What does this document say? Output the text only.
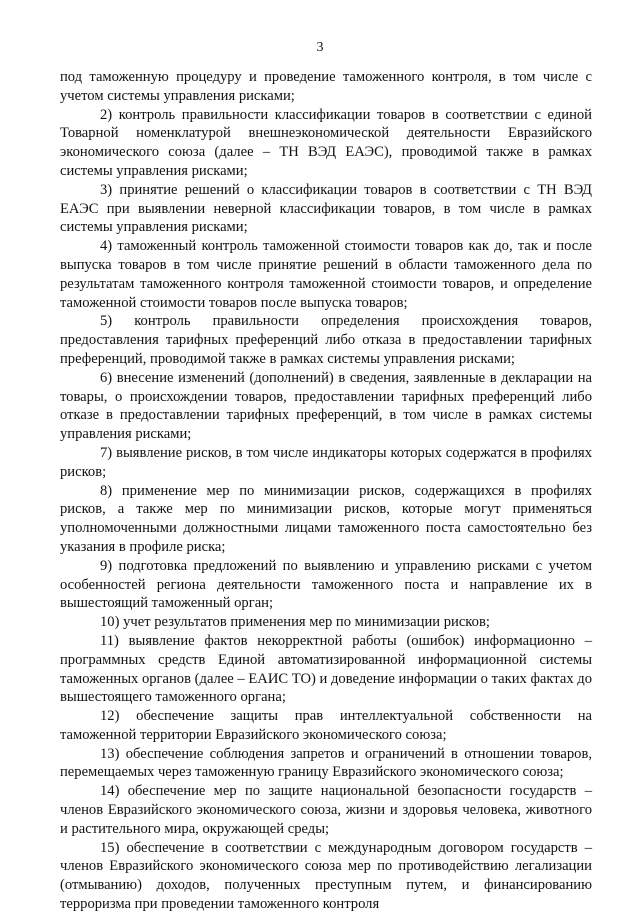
3

под таможенную процедуру и проведение таможенного контроля, в том числе с учетом системы управления рисками;

2) контроль правильности классификации товаров в соответствии с единой Товарной номенклатурой внешнеэкономической деятельности Евразийского экономического союза (далее – ТН ВЭД ЕАЭС), проводимой также в рамках системы управления рисками;

3) принятие решений о классификации товаров в соответствии с ТН ВЭД ЕАЭС при выявлении неверной классификации товаров, в том числе в рамках системы управления рисками;

4) таможенный контроль таможенной стоимости товаров как до, так и после выпуска товаров в том числе принятие решений в области таможенного дела по результатам таможенного контроля таможенной стоимости товаров, и определение таможенной стоимости товаров после выпуска товаров;

5) контроль правильности определения происхождения товаров, предоставления тарифных преференций либо отказа в предоставлении тарифных преференций, проводимой также в рамках системы управления рисками;

6) внесение изменений (дополнений) в сведения, заявленные в декларации на товары, о происхождении товаров, предоставлении тарифных преференций либо отказе в предоставлении тарифных преференций, в том числе в рамках системы управления рисками;

7) выявление рисков, в том числе индикаторы которых содержатся в профилях рисков;

8) применение мер по минимизации рисков, содержащихся в профилях рисков, а также мер по минимизации рисков, которые могут применяться уполномоченными должностными лицами таможенного поста самостоятельно без указания в профиле риска;

9) подготовка предложений по выявлению и управлению рисками с учетом особенностей региона деятельности таможенного поста и направление их в вышестоящий таможенный орган;

10) учет результатов применения мер по минимизации рисков;

11) выявление фактов некорректной работы (ошибок) информационно – программных средств Единой автоматизированной информационной системы таможенных органов (далее – ЕАИС ТО) и доведение информации о таких фактах до вышестоящего таможенного органа;

12) обеспечение защиты прав интеллектуальной собственности на таможенной территории Евразийского экономического союза;

13) обеспечение соблюдения запретов и ограничений в отношении товаров, перемещаемых через таможенную границу Евразийского экономического союза;

14) обеспечение мер по защите национальной безопасности государств – членов Евразийского экономического союза, жизни и здоровья человека, животного и растительного мира, окружающей среды;

15) обеспечение в соответствии с международным договором государств – членов Евразийского экономического союза мер по противодействию легализации (отмыванию) доходов, полученных преступным путем, и финансированию терроризма при проведении таможенного контроля
